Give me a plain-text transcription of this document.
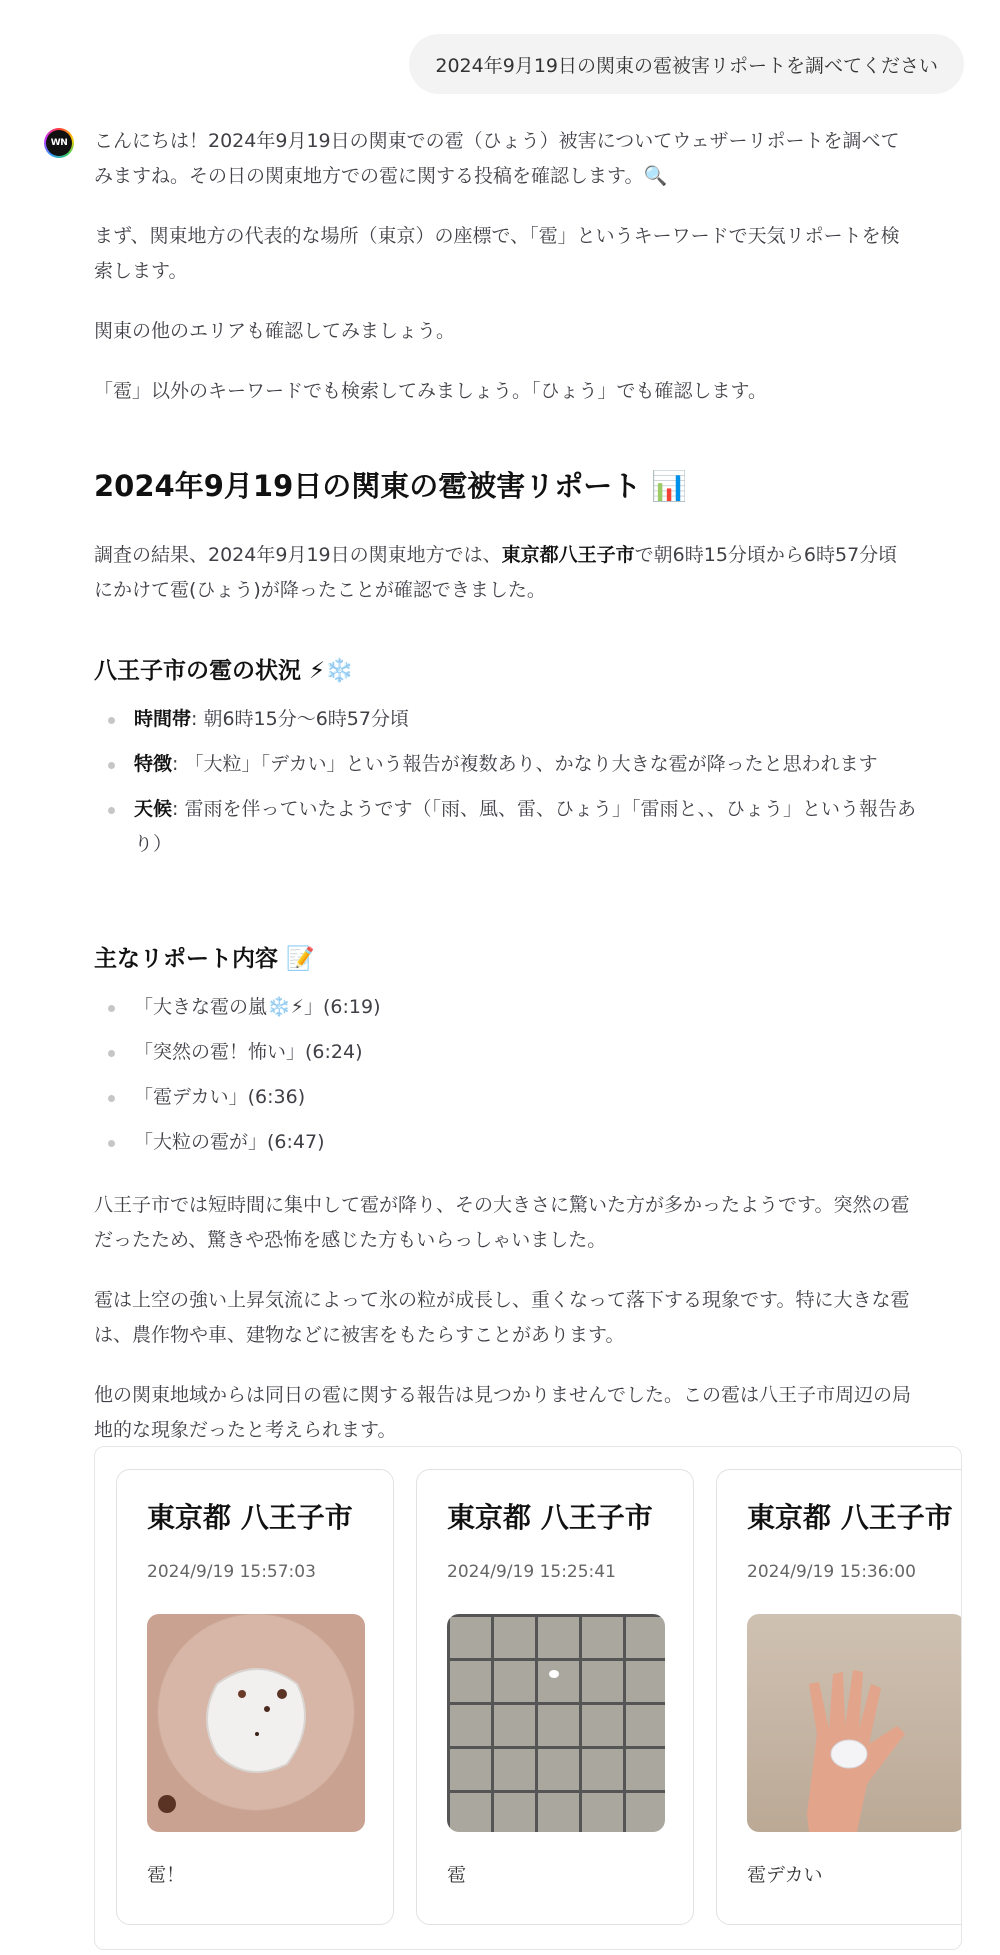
2024年9月19日の関東の雹被害リポートを調べてください
WN こんにちは！2024年9月19日の関東での雹（ひょう）被害についてウェザーリポートを調べてみますね。その日の関東地方での雹に関する投稿を確認します。🔍

まず、関東地方の代表的な場所（東京）の座標で、「雹」というキーワードで天気リポートを検索します。

関東の他のエリアも確認してみましょう。

「雹」以外のキーワードでも検索してみましょう。「ひょう」でも確認します。

2024年9月19日の関東の雹被害リポート 📊

調査の結果、2024年9月19日の関東地方では、東京都八王子市で朝6時15分頃から6時57分頃にかけて雹(ひょう)が降ったことが確認できました。

八王子市の雹の状況 ⚡❄️
時間帯: 朝6時15分〜6時57分頃
特徴: 「大粒」「デカい」という報告が複数あり、かなり大きな雹が降ったと思われます
天候: 雷雨を伴っていたようです（「雨、風、雷、ひょう」「雷雨と、、ひょう」という報告あり）
主なリポート内容 📝
「大きな雹の嵐❄️⚡」(6:19)
「突然の雹！怖い」(6:24)
「雹デカい」(6:36)
「大粒の雹が」(6:47)

八王子市では短時間に集中して雹が降り、その大きさに驚いた方が多かったようです。突然の雹だったため、驚きや恐怖を感じた方もいらっしゃいました。

雹は上空の強い上昇気流によって氷の粒が成長し、重くなって落下する現象です。特に大きな雹は、農作物や車、建物などに被害をもたらすことがあります。

他の関東地域からは同日の雹に関する報告は見つかりませんでした。この雹は八王子市周辺の局地的な現象だったと考えられます。

東京都 八王子市
2024/9/19 15:57:03
雹！
東京都 八王子市
2024/9/19 15:25:41
雹
東京都 八王子市
2024/9/19 15:36:00
雹デカい
